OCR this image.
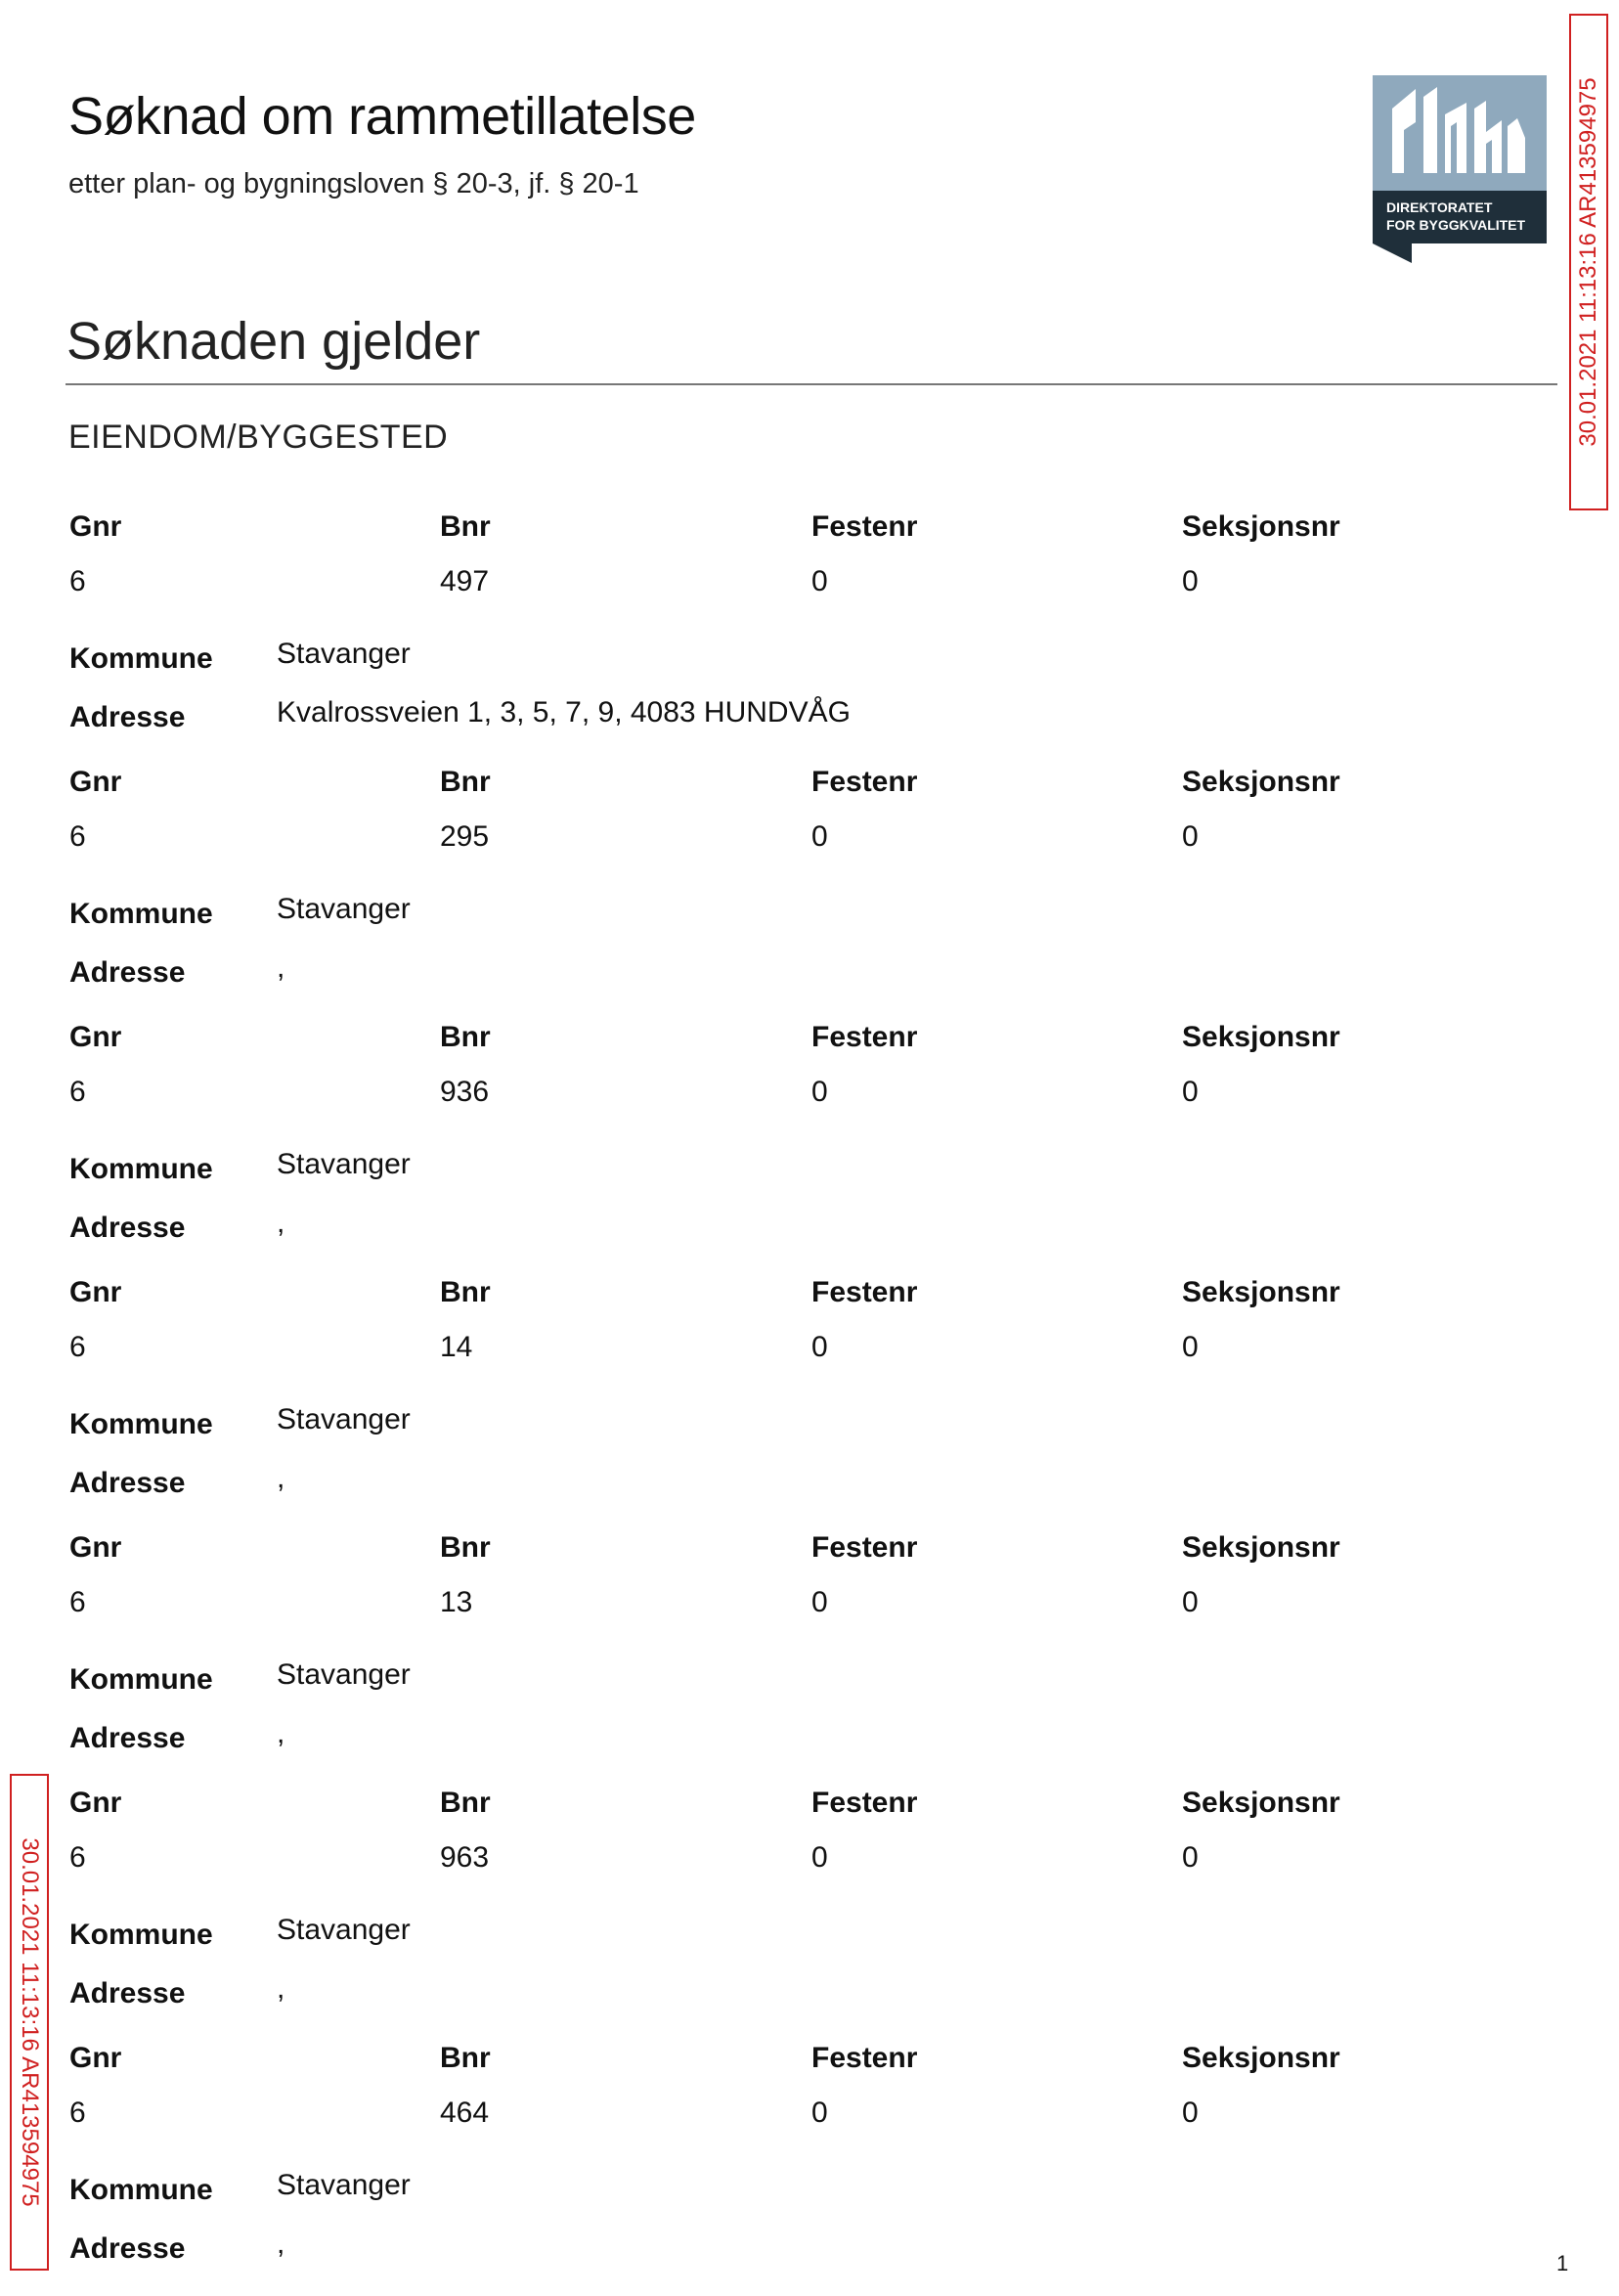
Søknad om rammetillatelse
etter plan- og bygningsloven § 20-3, jf. § 20-1
DIREKTORATET
FOR BYGGKVALITET
Søknaden gjelder
EIENDOM/BYGGESTED
Gnr	Bnr	Festenr	Seksjonsnr
6	497	0	0
Kommune Stavanger
Adresse	Kvalrossveien 1, 3, 5, 7, 9, 4083 HUNDVÅG
Gnr	Bnr	Festenr	Seksjonsnr
6	295	0	0
Kommune Stavanger
Adresse	,
Gnr	Bnr	Festenr	Seksjonsnr
6	936	0	0
Kommune Stavanger
Adresse	,
Gnr	Bnr	Festenr	Seksjonsnr
6	14	0	0
Kommune Stavanger
Adresse	,
Gnr	Bnr	Festenr	Seksjonsnr
6	13	0	0
Kommune Stavanger
Adresse	,
Gnr	Bnr	Festenr	Seksjonsnr
6	963	0	0
Kommune Stavanger
Adresse	,
Gnr	Bnr	Festenr	Seksjonsnr
6	464	0	0
Kommune Stavanger
Adresse	,
30.01.2021 11:13:16 AR413594975
30.01.2021 11:13:16 AR413594975
1
